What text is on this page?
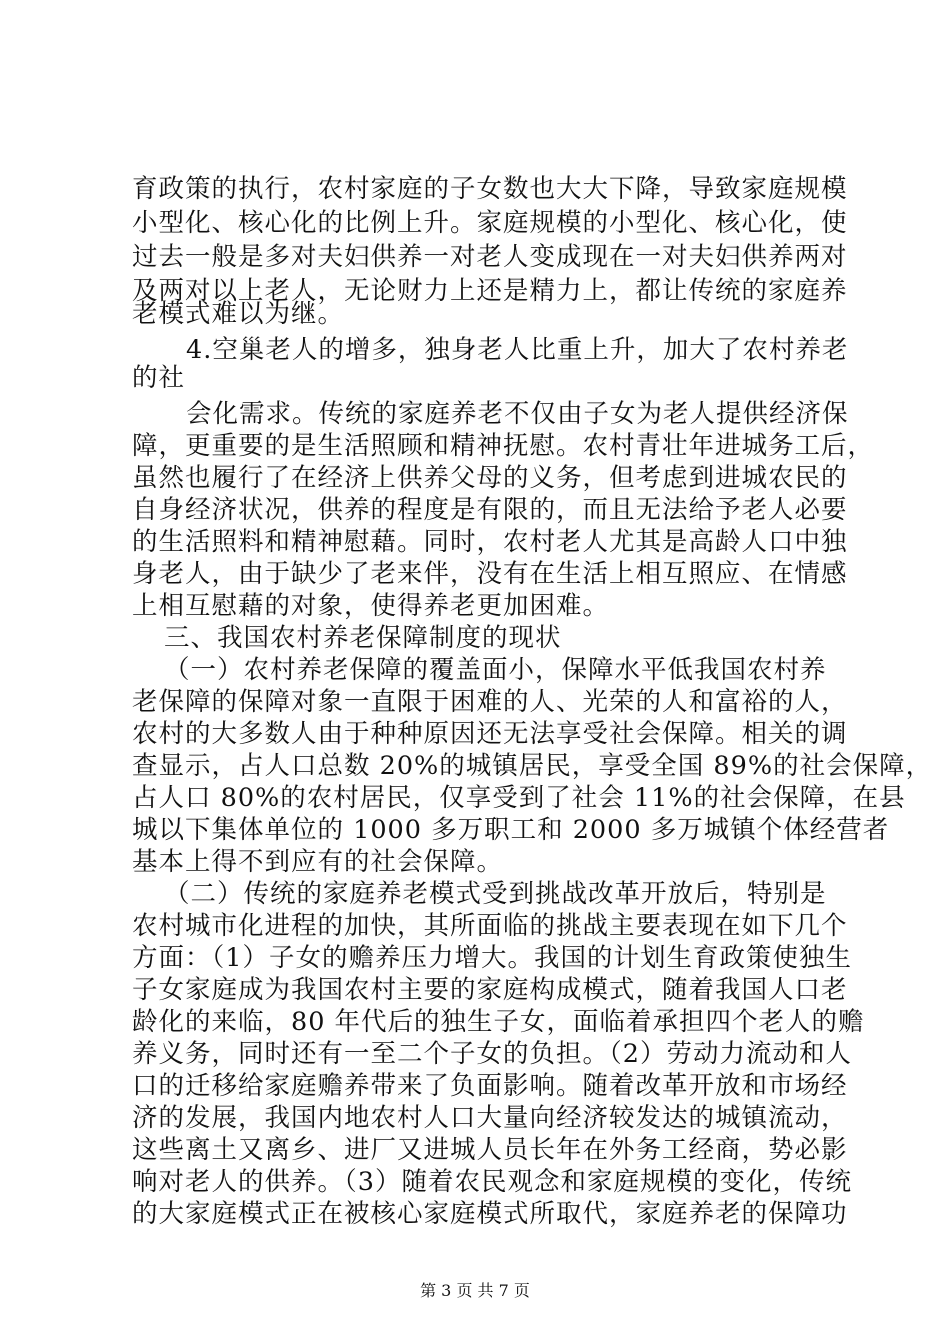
育政策的执行，农村家庭的子女数也大大下降，导致家庭规模
小型化、核心化的比例上升。家庭规模的小型化、核心化，使
过去一般是多对夫妇供养一对老人变成现在一对夫妇供养两对
及两对以上老人，无论财力上还是精力上，都让传统的家庭养
老模式难以为继。
4.空巢老人的增多，独身老人比重上升，加大了农村养老
的社
会化需求。传统的家庭养老不仅由子女为老人提供经济保
障，更重要的是生活照顾和精神抚慰。农村青壮年进城务工后，
虽然也履行了在经济上供养父母的义务，但考虑到进城农民的
自身经济状况，供养的程度是有限的，而且无法给予老人必要
的生活照料和精神慰藉。同时，农村老人尤其是高龄人口中独
身老人，由于缺少了老来伴，没有在生活上相互照应、在情感
上相互慰藉的对象，使得养老更加困难。
三、我国农村养老保障制度的现状
（一）农村养老保障的覆盖面小，保障水平低我国农村养
老保障的保障对象一直限于困难的人、光荣的人和富裕的人，
农村的大多数人由于种种原因还无法享受社会保障。相关的调
查显示，占人口总数 20%的城镇居民，享受全国 89%的社会保障，
占人口 80%的农村居民，仅享受到了社会 11%的社会保障，在县
城以下集体单位的 1000 多万职工和 2000 多万城镇个体经营者
基本上得不到应有的社会保障。
（二）传统的家庭养老模式受到挑战改革开放后，特别是
农村城市化进程的加快，其所面临的挑战主要表现在如下几个
方面：（1）子女的赡养压力增大。我国的计划生育政策使独生
子女家庭成为我国农村主要的家庭构成模式，随着我国人口老
龄化的来临，80 年代后的独生子女，面临着承担四个老人的赡
养义务，同时还有一至二个子女的负担。（2）劳动力流动和人
口的迁移给家庭赡养带来了负面影响。随着改革开放和市场经
济的发展，我国内地农村人口大量向经济较发达的城镇流动，
这些离土又离乡、进厂又进城人员长年在外务工经商，势必影
响对老人的供养。（3）随着农民观念和家庭规模的变化，传统
的大家庭模式正在被核心家庭模式所取代，家庭养老的保障功
第 3 页 共 7 页
